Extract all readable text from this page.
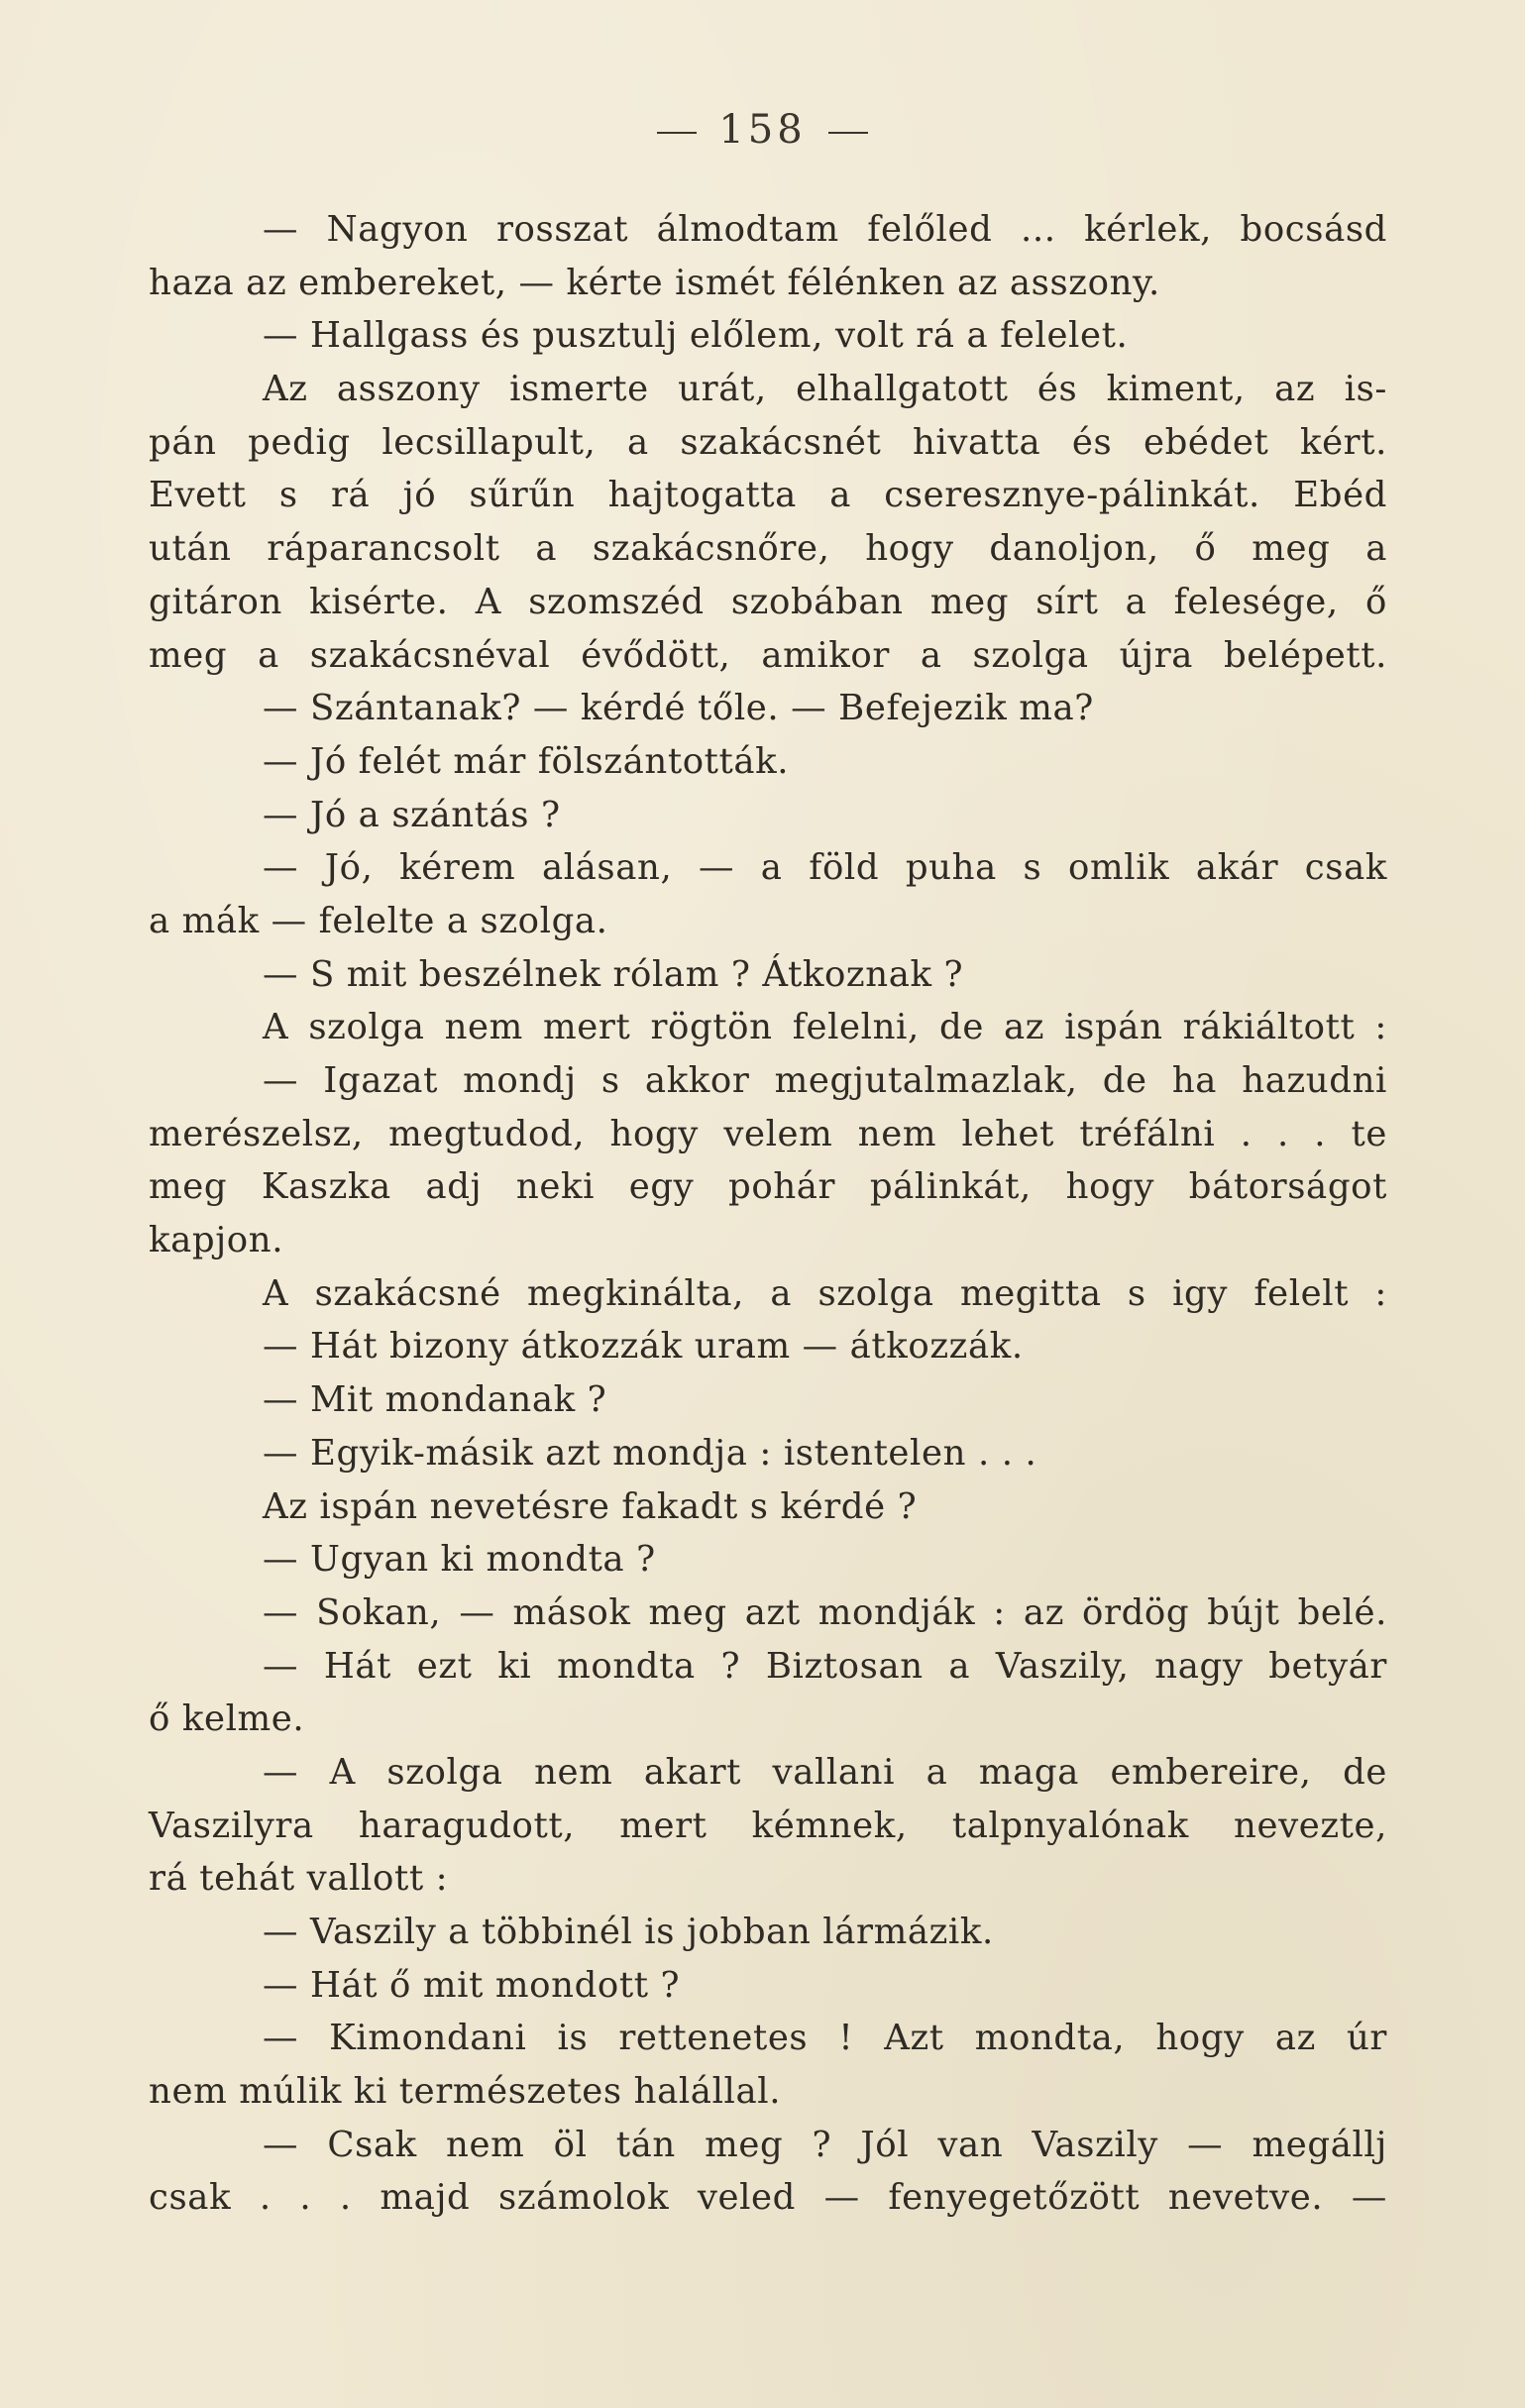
158
— Nagyon rosszat álmodtam felőled ... kérlek, bocsásd
haza az embereket, — kérte ismét félénken az asszony.
— Hallgass és pusztulj előlem, volt rá a felelet.
Az asszony ismerte urát, elhallgatott és kiment, az is-
pán pedig lecsillapult, a szakácsnét hivatta és ebédet kért.
Evett s rá jó sűrűn hajtogatta a cseresznye-pálinkát. Ebéd
után ráparancsolt a szakácsnőre, hogy danoljon, ő meg a
gitáron kisérte. A szomszéd szobában meg sírt a felesége, ő
meg a szakácsnéval évődött, amikor a szolga újra belépett.
— Szántanak? — kérdé tőle. — Befejezik ma?
— Jó felét már fölszántották.
— Jó a szántás ?
— Jó, kérem alásan, — a föld puha s omlik akár csak
a mák — felelte a szolga.
— S mit beszélnek rólam ? Átkoznak ?
A szolga nem mert rögtön felelni, de az ispán rákiáltott :
— Igazat mondj s akkor megjutalmazlak, de ha hazudni
merészelsz, megtudod, hogy velem nem lehet tréfálni . . . te
meg Kaszka adj neki egy pohár pálinkát, hogy bátorságot
kapjon.
A szakácsné megkinálta, a szolga megitta s igy felelt :
— Hát bizony átkozzák uram — átkozzák.
— Mit mondanak ?
— Egyik-másik azt mondja : istentelen . . .
Az ispán nevetésre fakadt s kérdé ?
— Ugyan ki mondta ?
— Sokan, — mások meg azt mondják : az ördög bújt belé.
— Hát ezt ki mondta ? Biztosan a Vaszily, nagy betyár
ő kelme.
— A szolga nem akart vallani a maga embereire, de
Vaszilyra haragudott, mert kémnek, talpnyalónak nevezte,
rá tehát vallott :
— Vaszily a többinél is jobban lármázik.
— Hát ő mit mondott ?
— Kimondani is rettenetes ! Azt mondta, hogy az úr
nem múlik ki természetes halállal.
— Csak nem öl tán meg ? Jól van Vaszily — megállj
csak . . . majd számolok veled — fenyegetőzött nevetve. —
